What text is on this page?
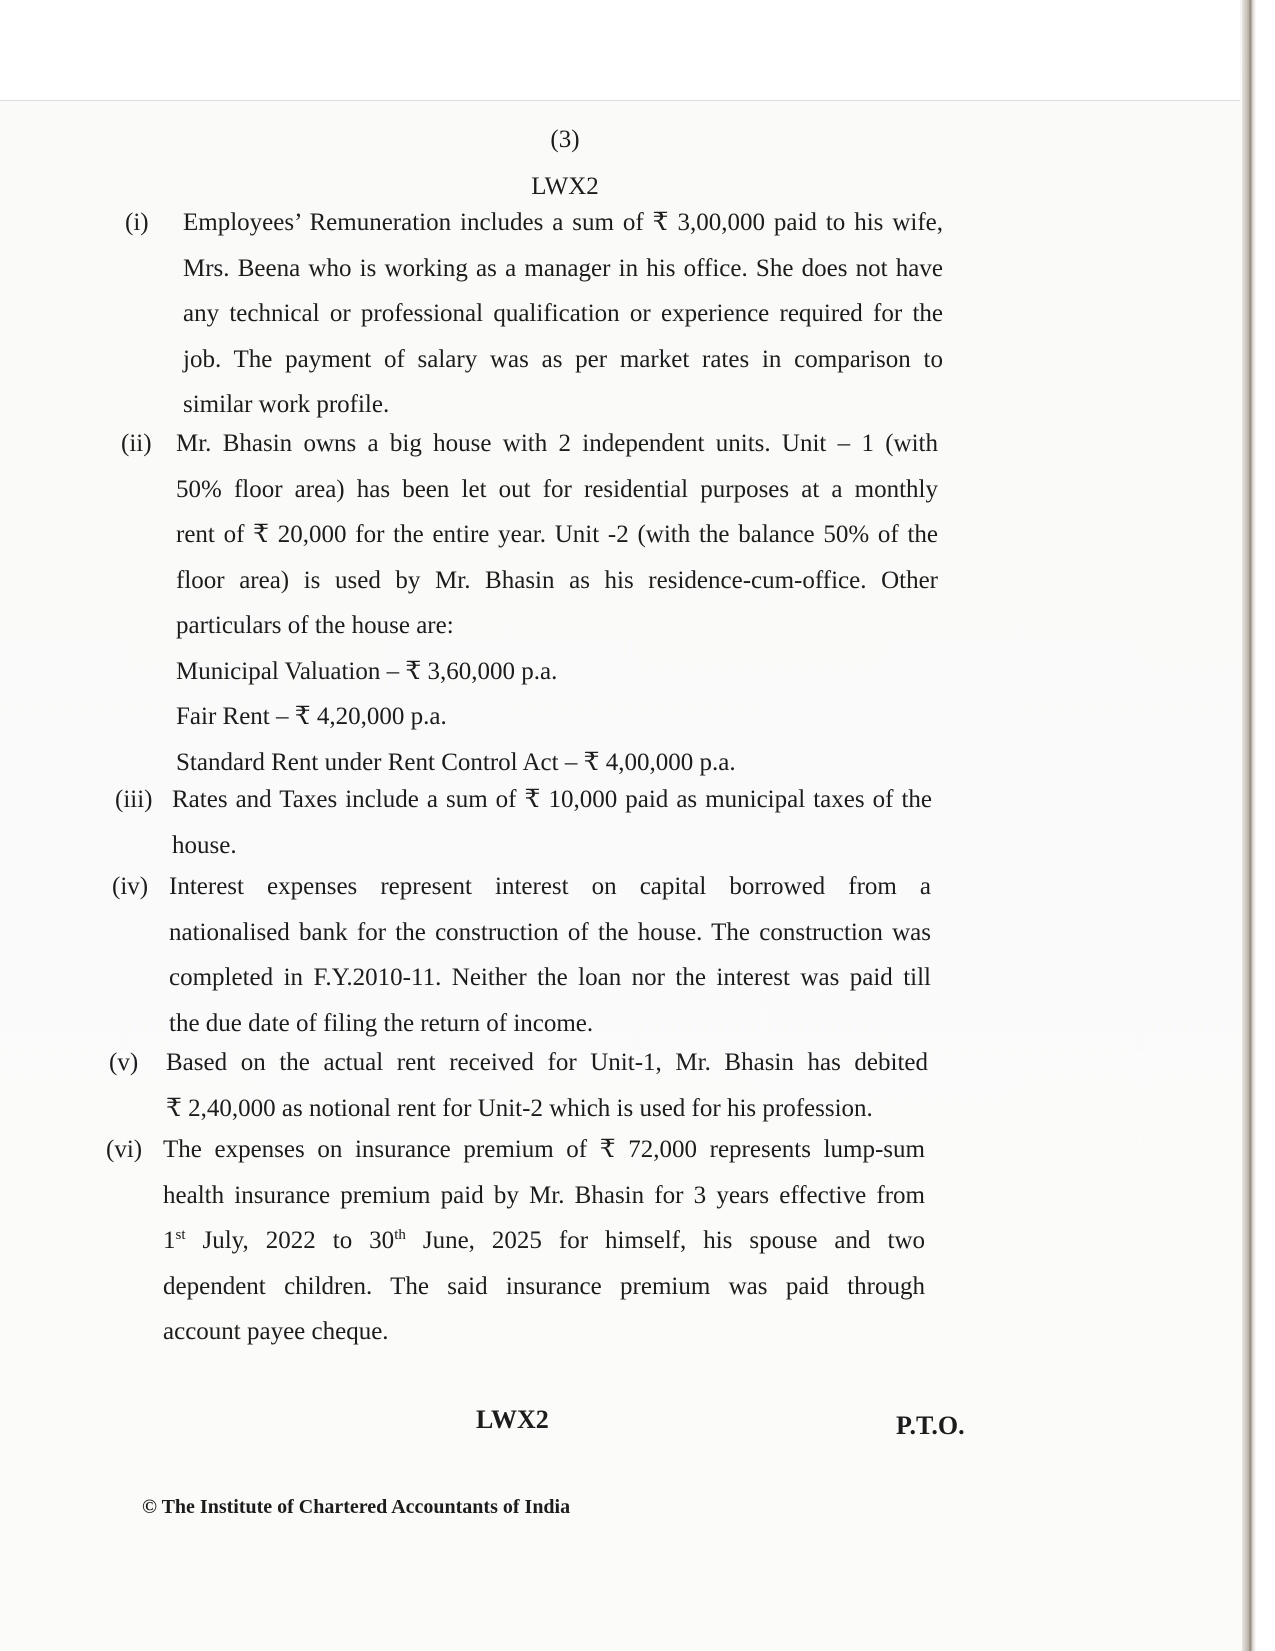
(3)
LWX2
(i) Employees’ Remuneration includes a sum of ₹ 3,00,000 paid to his wife,

Mrs. Beena who is working as a manager in his office. She does not have

any technical or professional qualification or experience required for the

job. The payment of salary was as per market rates in comparison to

similar work profile.

(ii) Mr. Bhasin owns a big house with 2 independent units. Unit – 1 (with

50% floor area) has been let out for residential purposes at a monthly

rent of ₹ 20,000 for the entire year. Unit -2 (with the balance 50% of the

floor area) is used by Mr. Bhasin as his residence-cum-office. Other

particulars of the house are:

Municipal Valuation – ₹ 3,60,000 p.a.

Fair Rent – ₹ 4,20,000 p.a.

Standard Rent under Rent Control Act – ₹ 4,00,000 p.a.

(iii) Rates and Taxes include a sum of ₹ 10,000 paid as municipal taxes of the

house.

(iv) Interest expenses represent interest on capital borrowed from a

nationalised bank for the construction of the house. The construction was

completed in F.Y.2010-11. Neither the loan nor the interest was paid till

the due date of filing the return of income.

(v) Based on the actual rent received for Unit-1, Mr. Bhasin has debited

₹ 2,40,000 as notional rent for Unit-2 which is used for his profession.

(vi) The expenses on insurance premium of ₹ 72,000 represents lump-sum

health insurance premium paid by Mr. Bhasin for 3 years effective from

1st July, 2022 to 30th June, 2025 for himself, his spouse and two

dependent children. The said insurance premium was paid through

account payee cheque.

LWX2	P.T.O.
© The Institute of Chartered Accountants of India
